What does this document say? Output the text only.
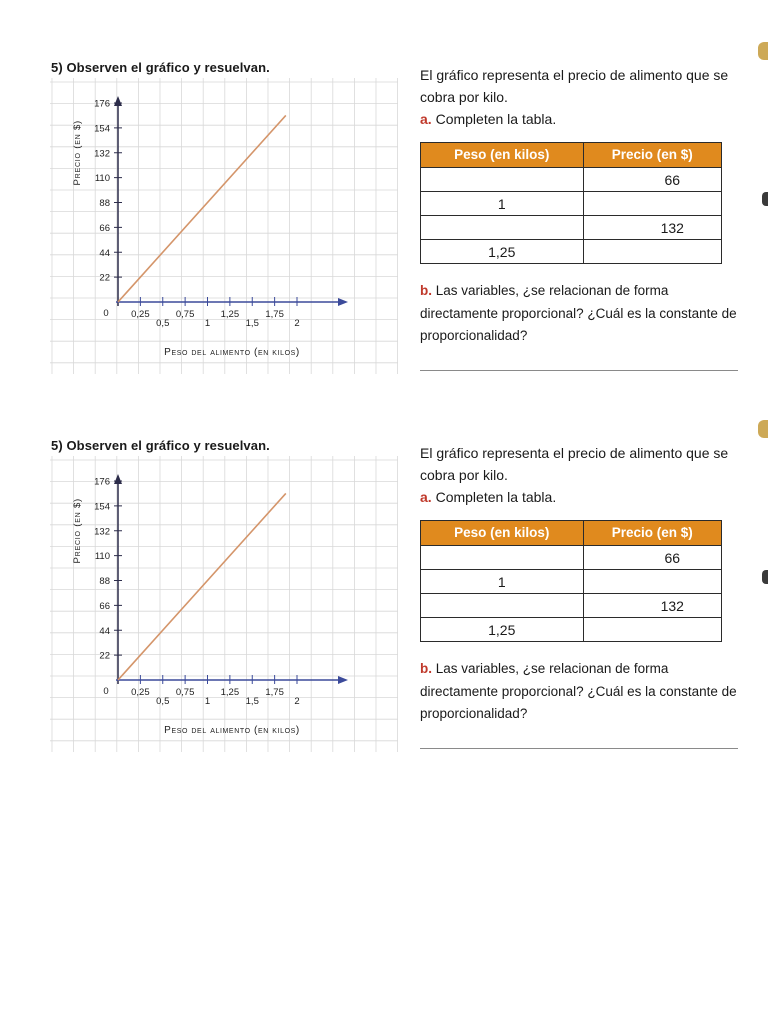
5) Observen el gráfico y resuelvan.
22
44
66
88
110
132
154
176
0,25
0,5
0,75
1
1,25
1,5
1,75
2
0
Peso del alimento (en kilos)
Precio (en $)

El gráfico representa el precio de alimento que se cobra por kilo.

a. Completen la tabla.

Peso (en kilos)	Precio (en $)
	66
1	
	132
1,25	

b. Las variables, ¿se relacionan de forma directamente proporcional? ¿Cuál es la constante de proporcionalidad?

5) Observen el gráfico y resuelvan.
22
44
66
88
110
132
154
176
0,25
0,5
0,75
1
1,25
1,5
1,75
2
0
Peso del alimento (en kilos)
Precio (en $)

El gráfico representa el precio de alimento que se cobra por kilo.

a. Completen la tabla.

Peso (en kilos)	Precio (en $)
	66
1	
	132
1,25	

b. Las variables, ¿se relacionan de forma directamente proporcional? ¿Cuál es la constante de proporcionalidad?
